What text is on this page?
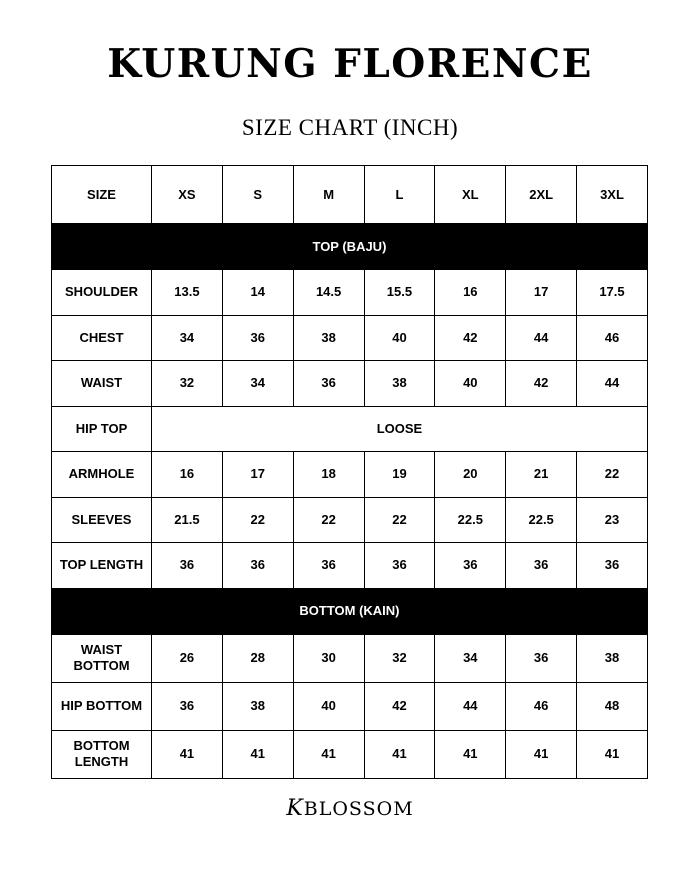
KURUNG FLORENCE
SIZE CHART (INCH)
SIZE	XS	S	M	L	XL	2XL	3XL
TOP (BAJU)							
SHOULDER	13.5	14	14.5	15.5	16	17	17.5
CHEST	34	36	38	40	42	44	46
WAIST	32	34	36	38	40	42	44
HIP TOP	LOOSE						
ARMHOLE	16	17	18	19	20	21	22
SLEEVES	21.5	22	22	22	22.5	22.5	23
TOP LENGTH	36	36	36	36	36	36	36
BOTTOM (KAIN)							
WAIST BOTTOM	26	28	30	32	34	36	38
HIP BOTTOM	36	38	40	42	44	46	48
BOTTOM LENGTH	41	41	41	41	41	41	41
KBLOSSOM
